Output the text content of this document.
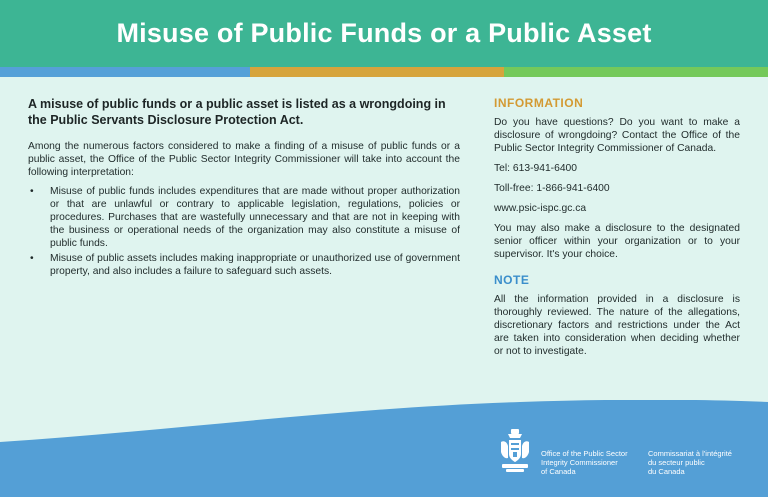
Misuse of Public Funds or a Public Asset

A misuse of public funds or a public asset is listed as a wrongdoing in the Public Servants Disclosure Protection Act.

Among the numerous factors considered to make a finding of a misuse of public funds or a public asset, the Office of the Public Sector Integrity Commissioner will take into account the following interpretation:

• Misuse of public funds includes expenditures that are made without proper authorization or that are unlawful or contrary to applicable legislation, regulations, policies or procedures. Purchases that are wastefully unnecessary and that are not in keeping with the business or operational needs of the organization may also constitute a misuse of public funds.
• Misuse of public assets includes making inappropriate or unauthorized use of government property, and also includes a failure to safeguard such assets.
INFORMATION

Do you have questions? Do you want to make a disclosure of wrongdoing? Contact the Office of the Public Sector Integrity Commissioner of Canada.

Tel: 613-941-6400

Toll-free: 1-866-941-6400

www.psic-ispc.gc.ca

You may also make a disclosure to the designated senior officer within your organization or to your supervisor. It's your choice.

NOTE

All the information provided in a disclosure is thoroughly reviewed. The nature of the allegations, discretionary factors and restrictions under the Act are taken into consideration when deciding whether or not to investigate.

Office of the Public Sector
Integrity Commissioner
of Canada
Commissariat à l'intégrité
du secteur public
du Canada
